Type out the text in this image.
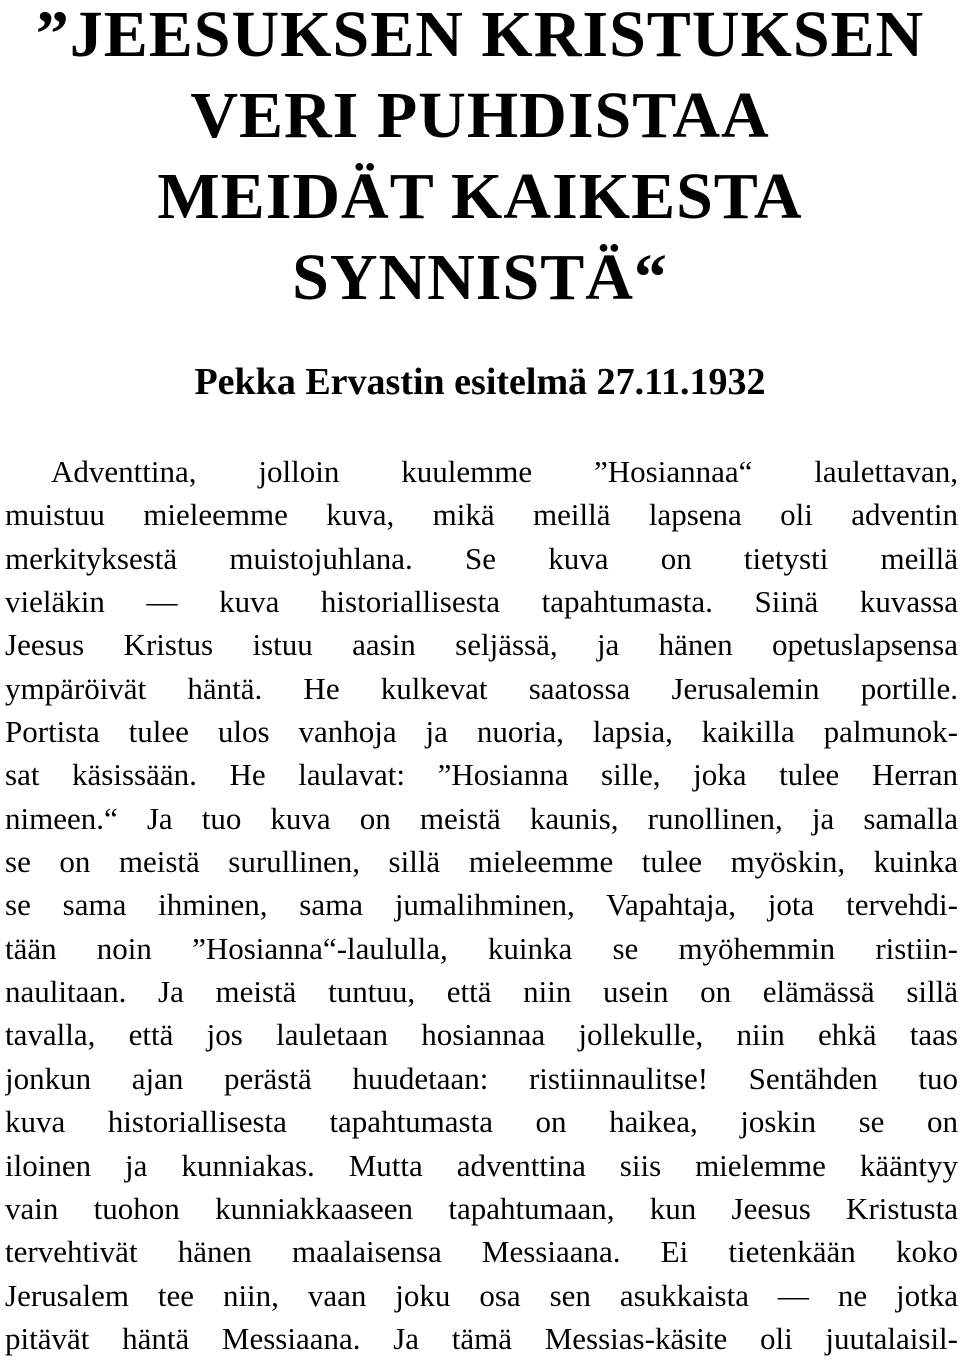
”JEESUKSEN KRISTUKSEN
VERI PUHDISTAA
MEIDÄT KAIKESTA
SYNNISTÄ“
Pekka Ervastin esitelmä 27.11.1932
Adventtina, jolloin kuulemme ”Hosiannaa“ laulettavan,
muistuu mieleemme kuva, mikä meillä lapsena oli adventin
merkityksestä muistojuhlana. Se kuva on tietysti meillä
vieläkin — kuva historiallisesta tapahtumasta. Siinä kuvassa
Jeesus Kristus istuu aasin seljässä, ja hänen opetuslapsensa
ympäröivät häntä. He kulkevat saatossa Jerusalemin portille.
Portista tulee ulos vanhoja ja nuoria, lapsia, kaikilla palmunok-
sat käsissään. He laulavat: ”Hosianna sille, joka tulee Herran
nimeen.“ Ja tuo kuva on meistä kaunis, runollinen, ja samalla
se on meistä surullinen, sillä mieleemme tulee myöskin, kuinka
se sama ihminen, sama jumalihminen, Vapahtaja, jota tervehdi-
tään noin ”Hosianna“-laululla, kuinka se myöhemmin ristiin-
naulitaan. Ja meistä tuntuu, että niin usein on elämässä sillä
tavalla, että jos lauletaan hosiannaa jollekulle, niin ehkä taas
jonkun ajan perästä huudetaan: ristiinnaulitse! Sentähden tuo
kuva historiallisesta tapahtumasta on haikea, joskin se on
iloinen ja kunniakas. Mutta adventtina siis mielemme kääntyy
vain tuohon kunniakkaaseen tapahtumaan, kun Jeesus Kristusta
tervehtivät hänen maalaisensa Messiaana. Ei tietenkään koko
Jerusalem tee niin, vaan joku osa sen asukkaista — ne jotka
pitävät häntä Messiaana. Ja tämä Messias-käsite oli juutalaisil-
